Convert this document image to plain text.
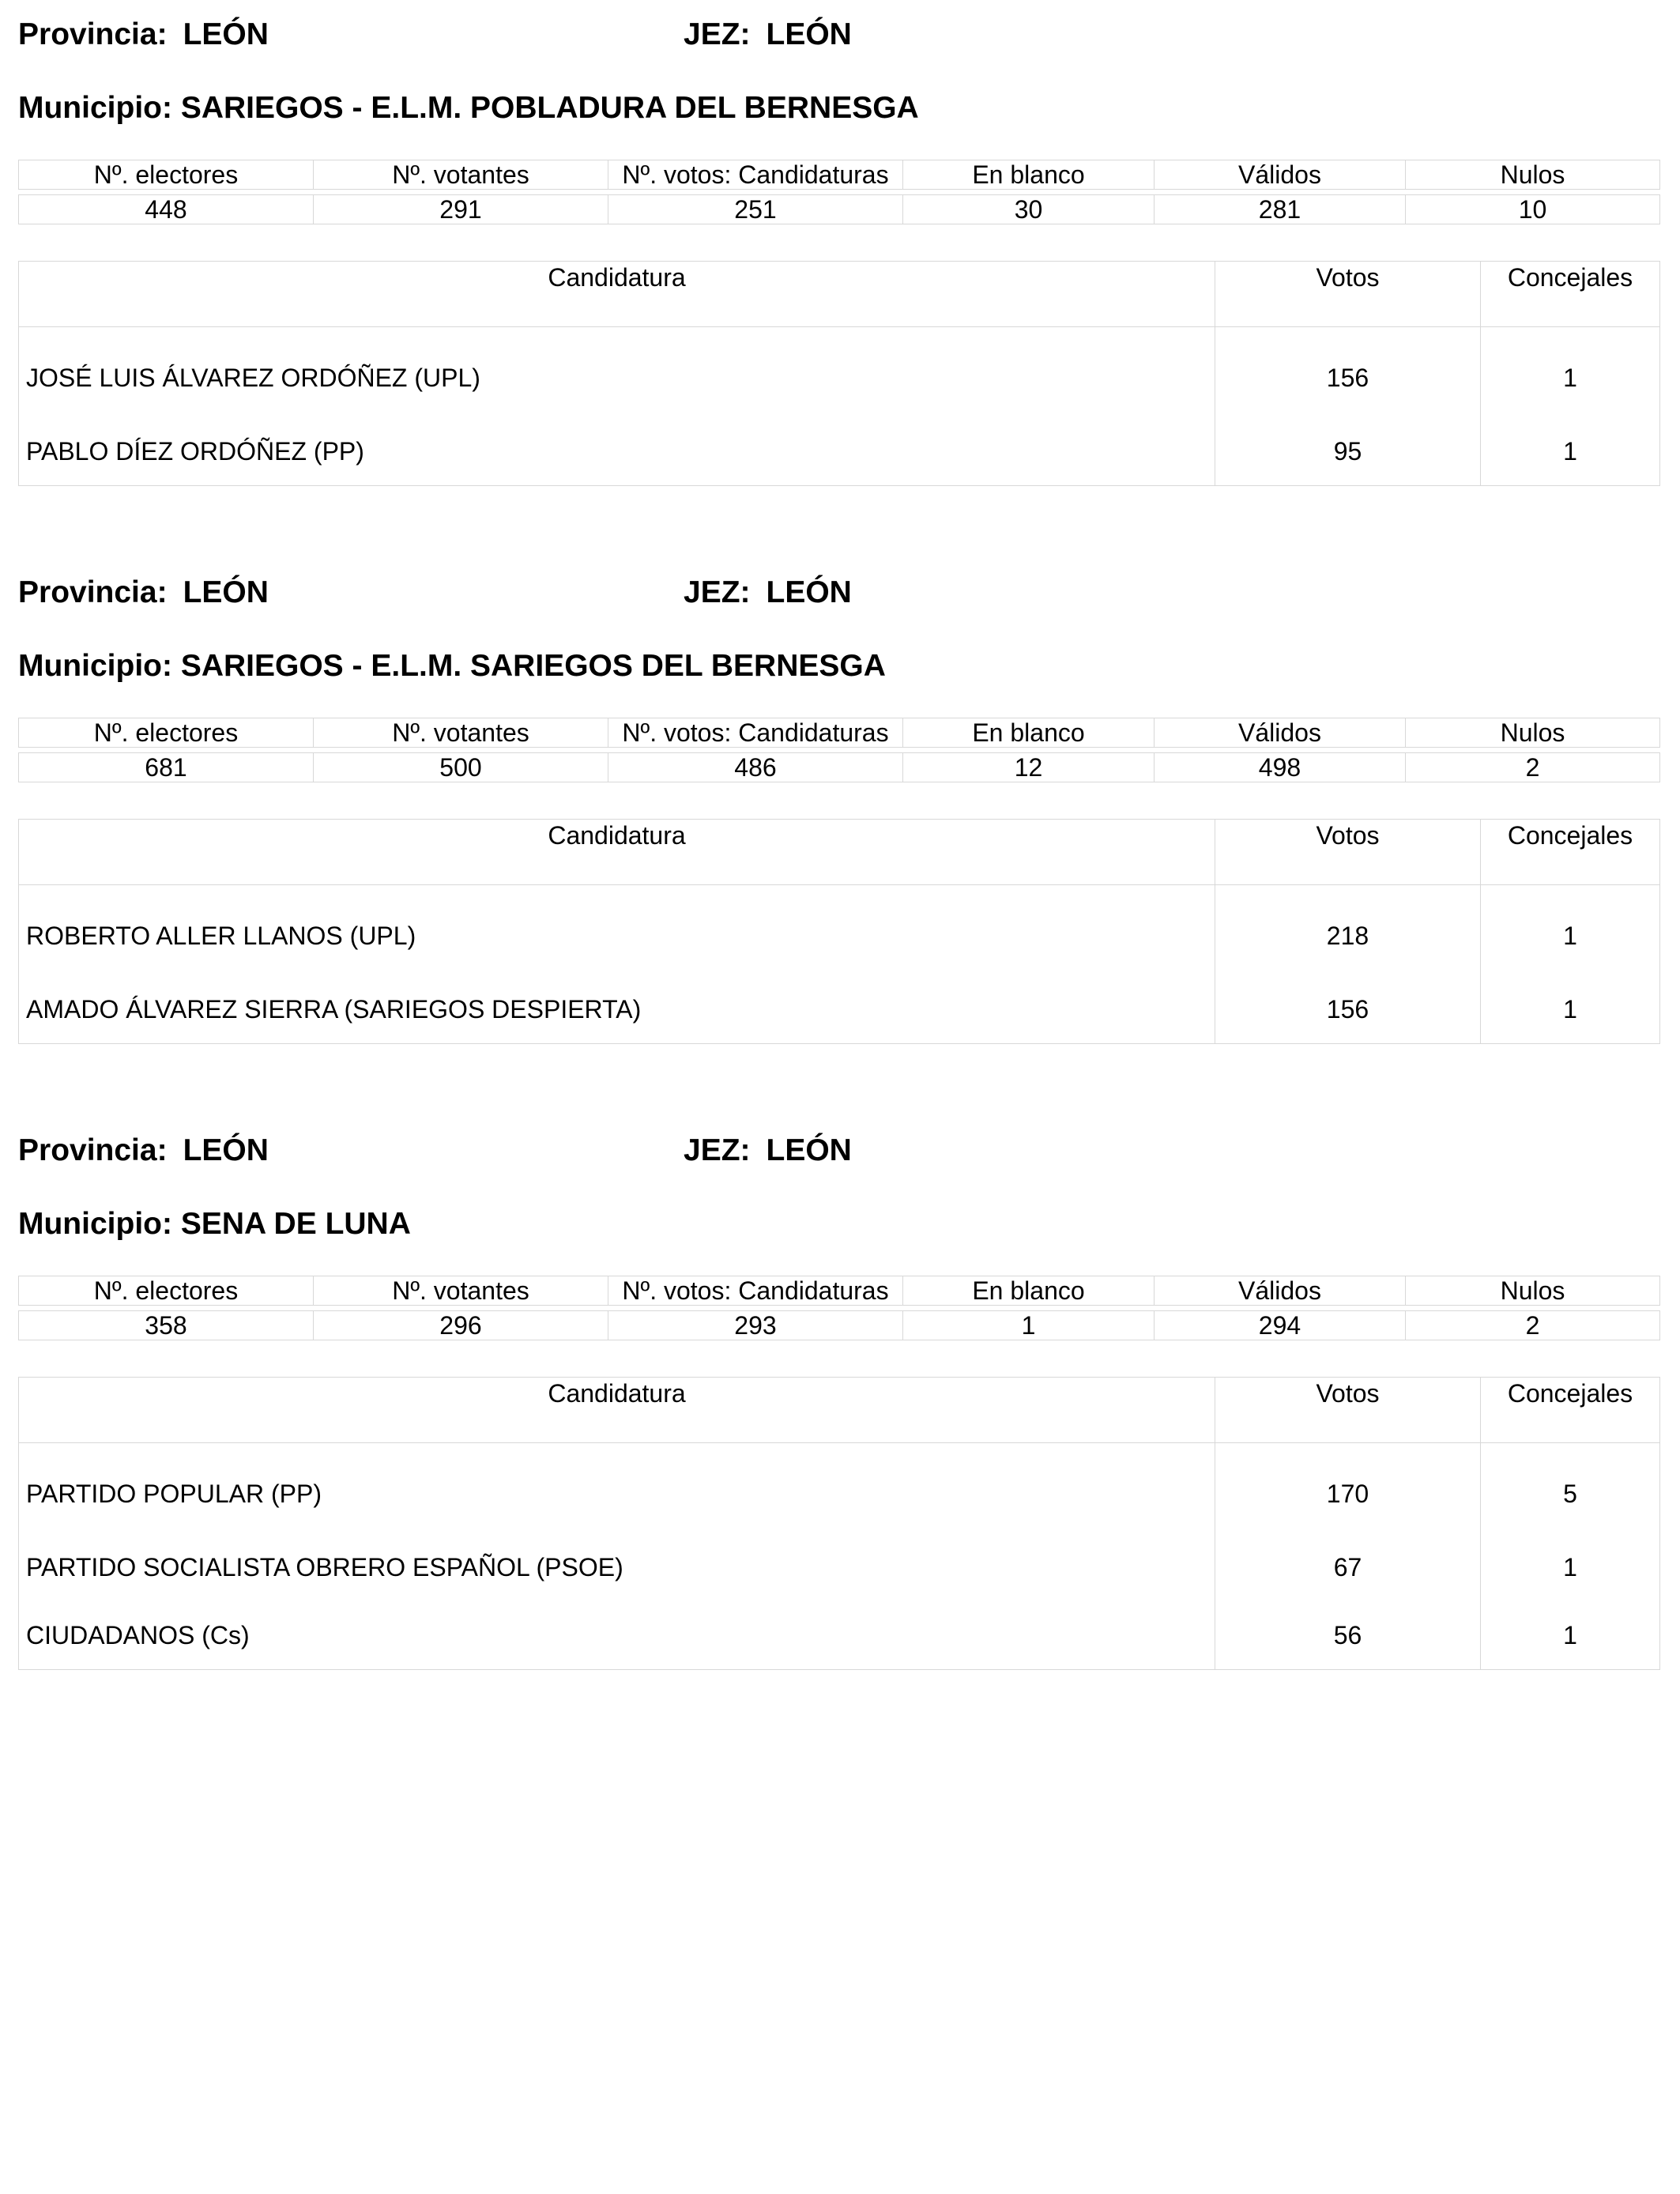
Provincia: LEÓN	JEZ: LEÓN
Municipio: SARIEGOS - E.L.M. POBLADURA DEL BERNESGA
Nº. electores	Nº. votantes	Nº. votos: Candidaturas	En blanco	Válidos	Nulos

448	291	251	30	281	10
Candidatura	Votos	Concejales
JOSÉ LUIS ÁLVAREZ ORDÓÑEZ (UPL)	156	1
PABLO DÍEZ ORDÓÑEZ (PP)	95	1
Provincia: LEÓN	JEZ: LEÓN
Municipio: SARIEGOS - E.L.M. SARIEGOS DEL BERNESGA
Nº. electores	Nº. votantes	Nº. votos: Candidaturas	En blanco	Válidos	Nulos

681	500	486	12	498	2
Candidatura	Votos	Concejales
ROBERTO ALLER LLANOS (UPL)	218	1
AMADO ÁLVAREZ SIERRA (SARIEGOS DESPIERTA)	156	1
Provincia: LEÓN	JEZ: LEÓN
Municipio: SENA DE LUNA
Nº. electores	Nº. votantes	Nº. votos: Candidaturas	En blanco	Válidos	Nulos

358	296	293	1	294	2
Candidatura	Votos	Concejales
PARTIDO POPULAR (PP)	170	5
PARTIDO SOCIALISTA OBRERO ESPAÑOL (PSOE)	67	1
CIUDADANOS (Cs)	56	1
